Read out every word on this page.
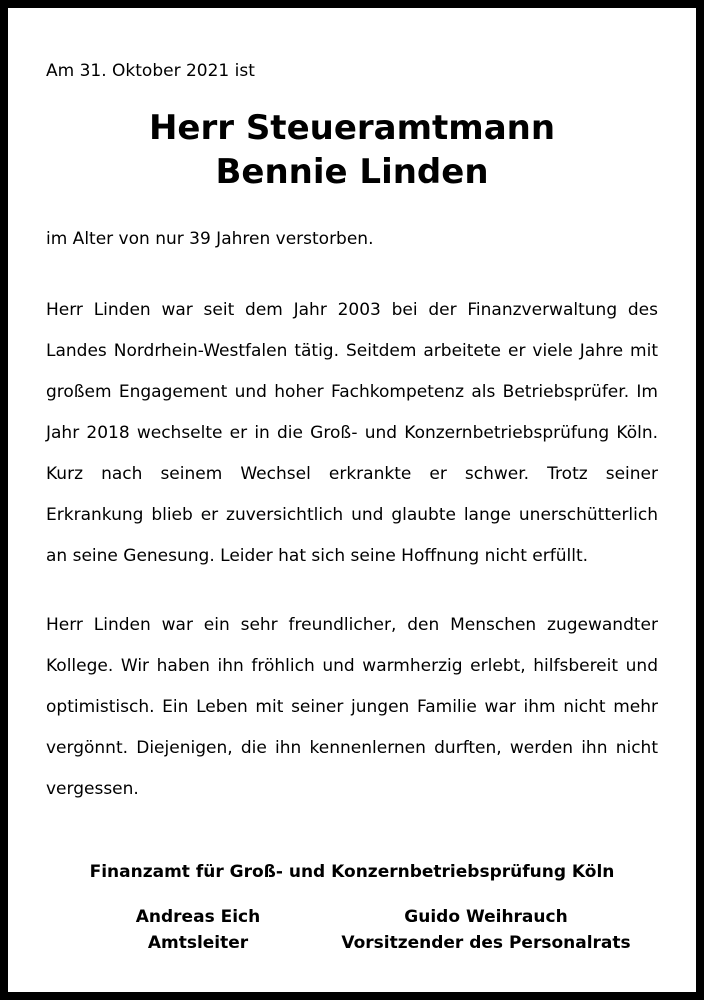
Am 31. Oktober 2021 ist
Herr Steueramtmann
Bennie Linden
im Alter von nur 39 Jahren verstorben.

Herr Linden war seit dem Jahr 2003 bei der Finanzverwaltung des Landes Nordrhein-Westfalen tätig. Seitdem arbeitete er viele Jahre mit großem Engagement und hoher Fachkompetenz als Betriebsprüfer. Im Jahr 2018 wechselte er in die Groß- und Konzernbetriebsprüfung Köln. Kurz nach seinem Wechsel erkrankte er schwer. Trotz seiner Erkrankung blieb er zuversichtlich und glaubte lange unerschütterlich an seine Genesung. Leider hat sich seine Hoffnung nicht erfüllt.

Herr Linden war ein sehr freundlicher, den Menschen zugewandter Kollege. Wir haben ihn fröhlich und warmherzig erlebt, hilfsbereit und optimistisch. Ein Leben mit seiner jungen Familie war ihm nicht mehr vergönnt. Diejenigen, die ihn kennenlernen durften, werden ihn nicht vergessen.

Finanzamt für Groß- und Konzernbetriebsprüfung Köln
Andreas Eich
Amtsleiter
Guido Weihrauch
Vorsitzender des Personalrats
